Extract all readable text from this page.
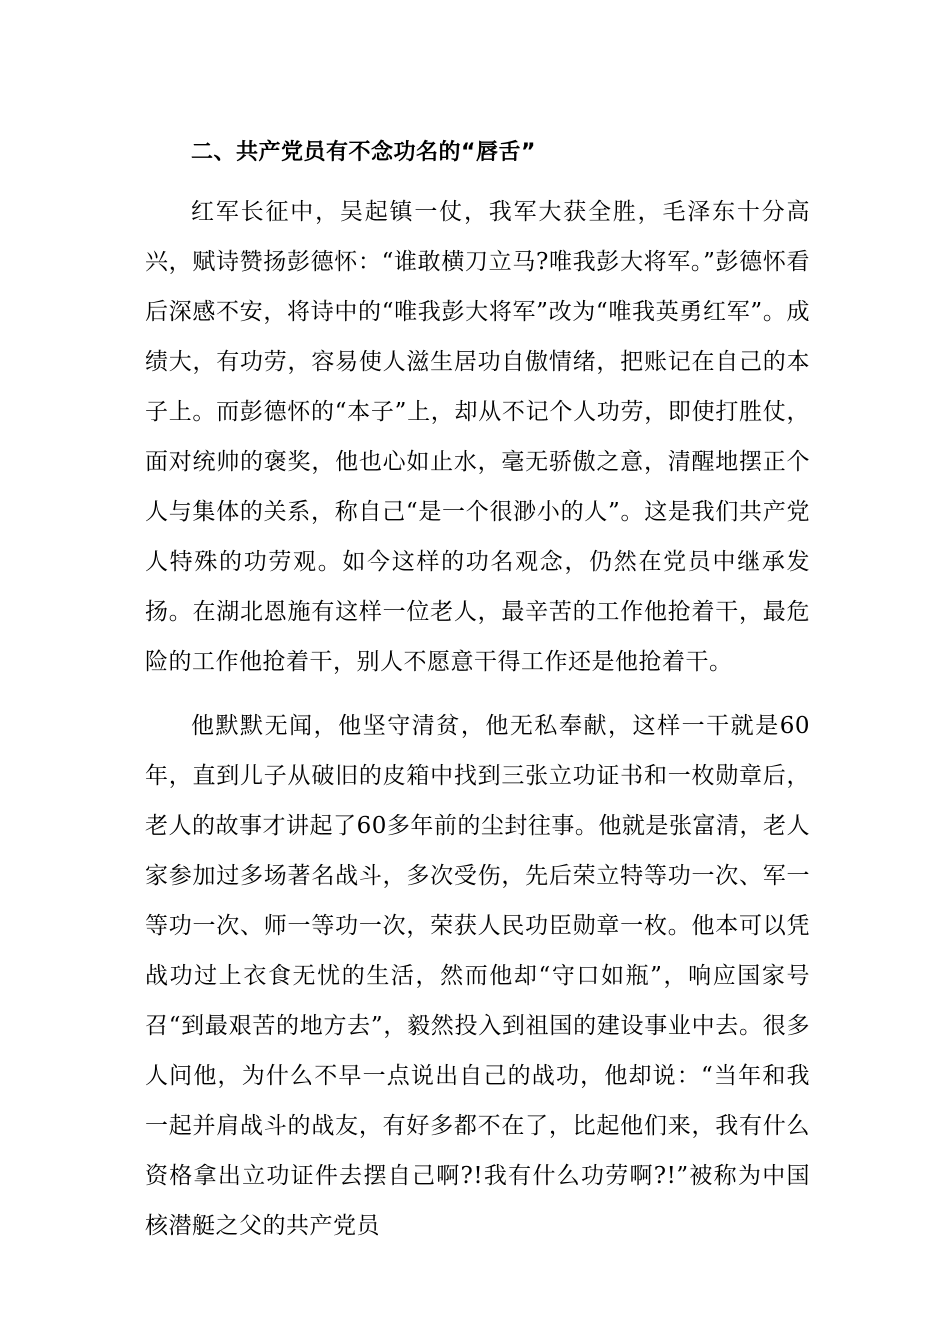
二、共产党员有不念功名的“唇舌”

红军长征中，吴起镇一仗，我军大获全胜，毛泽东十分高兴，赋诗赞扬彭德怀：“谁敢横刀立马?唯我彭大将军。”彭德怀看后深感不安，将诗中的“唯我彭大将军”改为“唯我英勇红军”。成绩大，有功劳，容易使人滋生居功自傲情绪，把账记在自己的本子上。而彭德怀的“本子”上，却从不记个人功劳，即使打胜仗，面对统帅的褒奖，他也心如止水，毫无骄傲之意，清醒地摆正个人与集体的关系，称自己“是一个很渺小的人”。这是我们共产党人特殊的功劳观。如今这样的功名观念，仍然在党员中继承发扬。在湖北恩施有这样一位老人，最辛苦的工作他抢着干，最危险的工作他抢着干，别人不愿意干得工作还是他抢着干。

他默默无闻，他坚守清贫，他无私奉献，这样一干就是60年，直到儿子从破旧的皮箱中找到三张立功证书和一枚勋章后，老人的故事才讲起了60多年前的尘封往事。他就是张富清，老人家参加过多场著名战斗，多次受伤，先后荣立特等功一次、军一等功一次、师一等功一次，荣获人民功臣勋章一枚。他本可以凭战功过上衣食无忧的生活，然而他却“守口如瓶”，响应国家号召“到最艰苦的地方去”，毅然投入到祖国的建设事业中去。很多人问他，为什么不早一点说出自己的战功，他却说：“当年和我一起并肩战斗的战友，有好多都不在了，比起他们来，我有什么资格拿出立功证件去摆自己啊?!我有什么功劳啊?!”被称为中国核潜艇之父的共产党员
